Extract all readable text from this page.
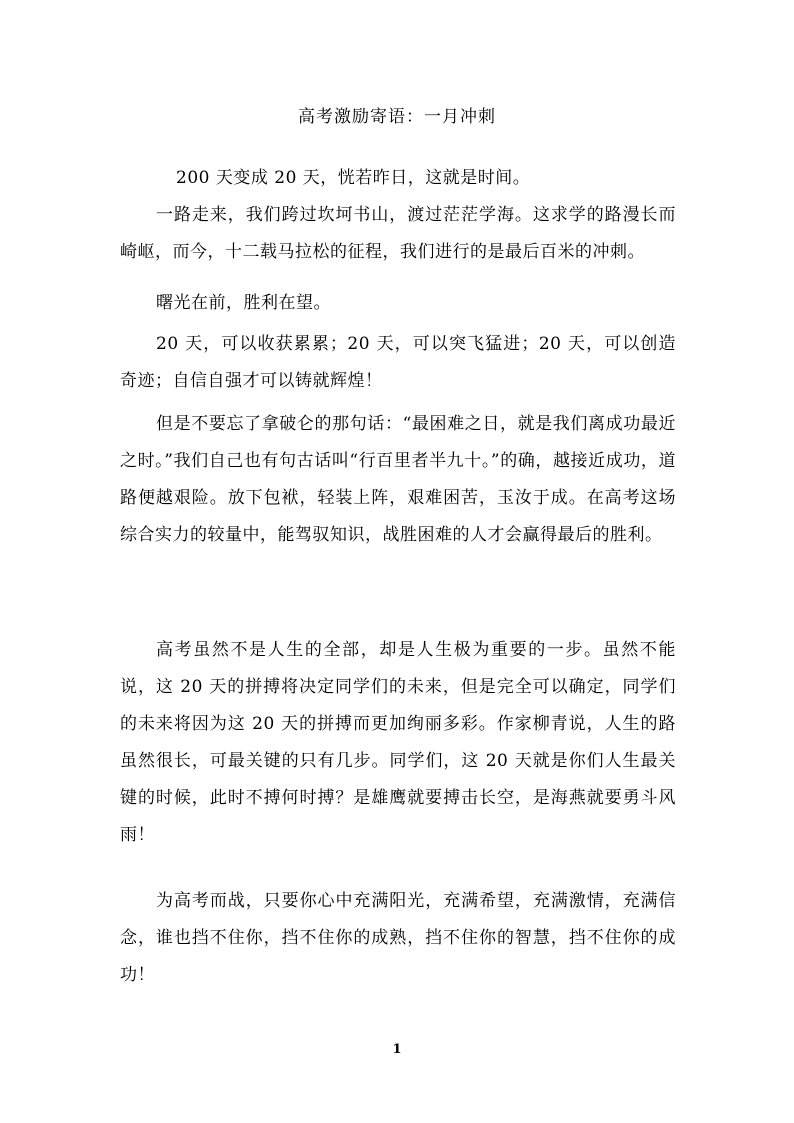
高考激励寄语：一月冲刺

200 天变成 20 天，恍若昨日，这就是时间。

一路走来，我们跨过坎坷书山，渡过茫茫学海。这求学的路漫长而崎岖，而今，十二载马拉松的征程，我们进行的是最后百米的冲刺。

曙光在前，胜利在望。

20 天，可以收获累累；20 天，可以突飞猛进；20 天，可以创造奇迹；自信自强才可以铸就辉煌！

但是不要忘了拿破仑的那句话：“最困难之日，就是我们离成功最近之时。”我们自己也有句古话叫“行百里者半九十。”的确，越接近成功，道路便越艰险。放下包袱，轻装上阵，艰难困苦，玉汝于成。在高考这场综合实力的较量中，能驾驭知识，战胜困难的人才会赢得最后的胜利。

高考虽然不是人生的全部，却是人生极为重要的一步。虽然不能说，这 20 天的拼搏将决定同学们的未来，但是完全可以确定，同学们的未来将因为这 20 天的拼搏而更加绚丽多彩。作家柳青说，人生的路虽然很长，可最关键的只有几步。同学们，这 20 天就是你们人生最关键的时候，此时不搏何时搏？是雄鹰就要搏击长空，是海燕就要勇斗风雨！

为高考而战，只要你心中充满阳光，充满希望，充满激情，充满信念，谁也挡不住你，挡不住你的成熟，挡不住你的智慧，挡不住你的成功！

1
